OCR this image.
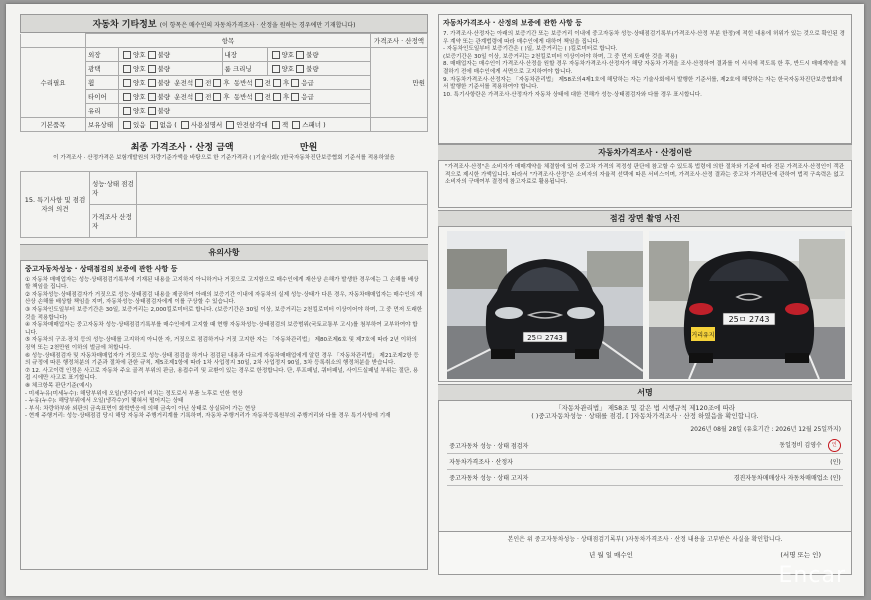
자동차 기타정보 (이 항목은 매수인의 자동차가격조사 · 산정을 원하는 경우에만 기재합니다)
	항목				가격조사 · 산정액
수리필요	외장	양호 불량	내장	양호 불량	만원
	광택	양호 불량	룸 크리닝	양호 불량	
	휠	양호 불량 운전석 전 후 동반석 전 후 응급			
	타이어	양호 불량 운전석 전 후 동반석 전 후 응급			
	유리	양호 불량			
기본품목	보유상태	있음 없음 ( 사용설명서 안전삼각대 잭 스패너 )			
최종 가격조사 · 산정 금액	만원
이 가격조사 · 산정가격은 보험개발원의 차량기준가액을 바탕으로 한 기준가격과 ( )기술사회( )한국자동차진단보증협회 기준서를 적용하였음
15. 특기사항 및 점검자의 의견	성능·상태 점검자	
	가격조사 산정자	
유의사항
중고자동차성능 · 상태점검의 보증에 관한 사항 등

① 자동차 매매업자는 성능·상태점검기록부에 기재된 내용을 고지하지 아니하거나 거짓으로 고지함으로 매수인에게 재산상 손해가 발생한 경우에는 그 손해를 배상할 책임을 집니다.

② 자동차성능·상태점검자가 거짓으로 성능·상태점검 내용을 제공하여 아래의 보증기간 이내에 자동차의 실제 성능·상태가 다른 경우, 자동차매매업자는 매수인의 재산상 손해를 배상할 책임을 지며, 자동차성능·상태점검자에게 이를 구상할 수 있습니다.

③ 자동차인도일부터 보증기간은 30일, 보증거리는 2,000킬로미터로 합니다. (보증기간은 30일 이상, 보증거리는 2천킬로미터 이상이어야 하며, 그 중 먼저 도래한 것을 적용합니다)

④ 자동차매매업자는 중고자동차 성능·상태점검기록부를 매수인에게 고지할 때 현행 자동차성능·상태점검의 보증범위(국토교통부 고시)를 첨부하여 교부하여야 합니다.

⑤ 자동차의 구조·장치 등의 성능·상태를 고지하지 아니한 자, 거짓으로 점검하거나 거짓 고지한 자는 「자동차관리법」 제80조제6호 및 제7호에 따라 2년 이하의 징역 또는 2천만원 이하의 벌금에 처합니다.

⑥ 성능·상태점검자 및 자동차매매업자가 거짓으로 성능·상태 점검을 하거나 점검된 내용과 다르게 자동차매매업에게 알린 경우 「자동차관리법」 제21조제2항 등의 규정에 따른 행정처분의 기준과 절차에 관한 규칙, 제5조제1항에 따라 1차 사업정지 30일, 2차 사업정지 90일, 3차 등록취소의 행정처분을 받습니다.

⑦ 12. 사고이력 인정은 사고로 자동차 주요 골격 부위의 판금, 용접수리 및 교환이 있는 경우로 한정합니다. 단, 루프패널, 쿼터패널, 사이드실패널 부위는 절단, 용접 시에만 사고로 표기합니다.

⑧ 체크항목 판단기준(예시)

- 미세누유(미세누수): 해당부위에 오일(냉각수)이 비치는 정도로서 부품 노후로 인한 현상

- 누유(누수): 해당부위에서 오일(냉각수)이 맺혀서 떨어지는 상태

- 부식: 차량하부와 외판의 금속표면이 화학반응에 의해 금속이 아닌 상태로 상실되어 가는 현상

- 현재 주행거리: 성능·상태점검 당시 해당 자동차 주행거리계를 기록하며, 자동차 주행거리가 자동차등록원부의 주행거리와 다를 경우 특기사항에 기재

자동차가격조사 · 산정의 보증에 관한 사항 등

7. 가격조사·산정자는 아래의 보증기간 또는 보증거리 이내에 중고자동차 성능·상태점검기록부(가격조사·산정 부분 한정)에 적힌 내용에 허위가 있는 것으로 확인된 경우 계약 또는 관계법령에 따라 매수인에게 대하여 책임을 집니다.

- 자동차인도일부터 보증기간은 ( )일, 보증거리는 ( )킬로미터로 합니다.

(보증기간은 30일 이상, 보증거리는 2천킬로미터 이상이어야 하며, 그 중 먼저 도래한 것을 적용)

8. 매매업자는 매수인이 가격조사·산정을 원할 경우 자동차가격조사·산정자가 해당 자동차 가격을 조사·산정하여 결과를 이 서식에 적도록 한 후, 반드시 매매계약을 체결하기 전에 매수인에게 서면으로 고지하여야 합니다.

9. 자동차가격조사·산정자는 「자동차관리법」 제58조의4제1호에 해당하는 자는 기술사회에서 발행한 기준서를, 제2호에 해당하는 자는 한국자동차진단보증협회에서 발행한 기준서를 적용하여야 합니다.

10. 특기사항란은 가격조사·산정자가 자동차 상태에 대한 견해가 성능·상태점검자와 다를 경우 표시합니다.

자동차가격조사 · 산정이란
"가격조사·산정"은 소비자가 매매계약을 체결함에 있어 중고차 가격의 적정성 판단에 참고할 수 있도록 법령에 의한 절차와 기준에 따라 전문 가격조사·산정인이 객관적으로 제시한 가액입니다. 따라서 "가격조사·산정"은 소비자의 자율적 선택에 따른 서비스이며, 가격조사·산정 결과는 중고차 가격판단에 관하여 법적 구속력은 없고 소비자의 구매여부 결정에 참고자료로 활용됩니다.
점검 장면 촬영 사진
25ㅁ 2743
25ㅁ 2743
거리유지
서명
「자동차관리법」 제58조 및 같은 법 시행규칙 제120조에 따라
( )중고자동차성능 · 상태를 점검, [ ]자동차가격조사 · 산정 하였음을 확인합니다.
2026년 08월 28일 (유효기간 : 2026년 12월 25일까지)
중고자동차 성능 · 상태 점검자	동일정비 김영수 인
자동차가격조사 · 산정자	(인)
중고자동차 성능 · 상태 고지자	경진자동차매매상사 자동차매매업소 (인)
본인은 위 중고자동차성능 · 상태점검기록부( )자동차가격조사 · 산정 내용을 고부받은 사실을 확인합니다.
년 월 일 매수인	(서명 또는 인)
Encar
